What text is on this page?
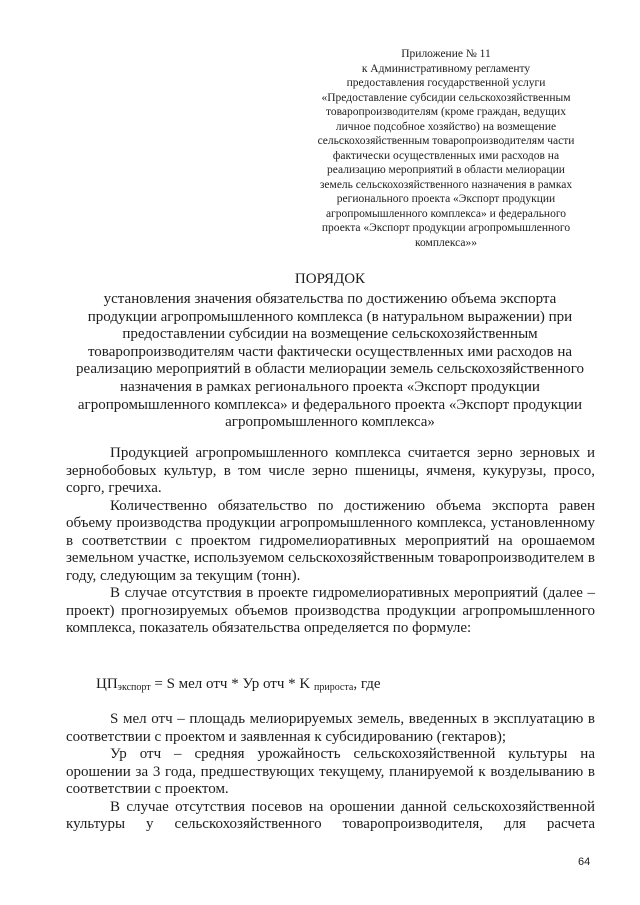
Приложение № 11
к Административному регламенту
предоставления государственной услуги
«Предоставление субсидии сельскохозяйственным
товаропроизводителям (кроме граждан, ведущих
личное подсобное хозяйство) на возмещение
сельскохозяйственным товаропроизводителям части
фактически осуществленных ими расходов на
реализацию мероприятий в области мелиорации
земель сельскохозяйственного назначения в рамках
регионального проекта «Экспорт продукции
агропромышленного комплекса» и федерального
проекта «Экспорт продукции агропромышленного
комплекса»»
ПОРЯДОК
установления значения обязательства по достижению объема экспорта
продукции агропромышленного комплекса (в натуральном выражении) при
предоставлении субсидии на возмещение сельскохозяйственным
товаропроизводителям части фактически осуществленных ими расходов на
реализацию мероприятий в области мелиорации земель сельскохозяйственного
назначения в рамках регионального проекта «Экспорт продукции
агропромышленного комплекса» и федерального проекта «Экспорт продукции
агропромышленного комплекса»

Продукцией агропромышленного комплекса считается зерно зерновых и зернобобовых культур, в том числе зерно пшеницы, ячменя, кукурузы, просо, сорго, гречиха.

Количественно обязательство по достижению объема экспорта равен объему производства продукции агропромышленного комплекса, установленному в соответствии с проектом гидромелиоративных мероприятий на орошаемом земельном участке, используемом сельскохозяйственным товаропроизводителем в году, следующим за текущим (тонн).

В случае отсутствия в проекте гидромелиоративных мероприятий (далее – проект) прогнозируемых объемов производства продукции агропромышленного комплекса, показатель обязательства определяется по формуле:

$ЦП_{экспорт} = S$ мел отч * Ур отч * K $_{прироста}$, где

S мел отч – площадь мелиорируемых земель, введенных в эксплуатацию в соответствии с проектом и заявленная к субсидированию (гектаров);

Ур отч – средняя урожайность сельскохозяйственной культуры на орошении за 3 года, предшествующих текущему, планируемой к возделыванию в соответствии с проектом.

В случае отсутствия посевов на орошении данной сельскохозяйственной культуры у сельскохозяйственного товаропроизводителя, для расчета

64
